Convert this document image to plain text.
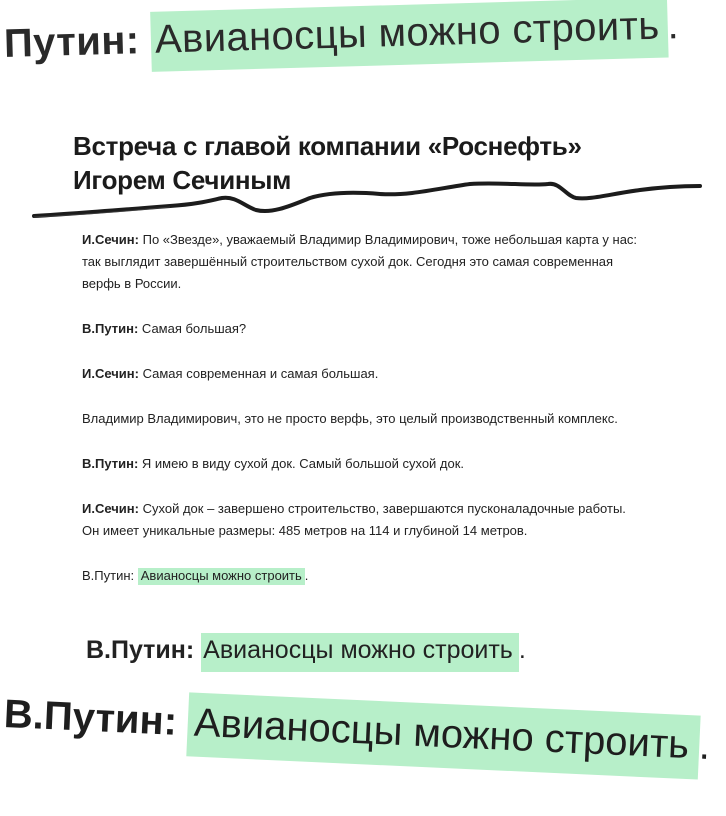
Путин: Авианосцы можно строить .
Встреча с главой компании «Роснефть» Игорем Сечиным

И.Сечин: По «Звезде», уважаемый Владимир Владимирович, тоже небольшая карта у нас: так выглядит завершённый строительством сухой док. Сегодня это самая современная верфь в России.

В.Путин: Самая большая?

И.Сечин: Самая современная и самая большая.

Владимир Владимирович, это не просто верфь, это целый производственный комплекс.

В.Путин: Я имею в виду сухой док. Самый большой сухой док.

И.Сечин: Сухой док – завершено строительство, завершаются пусконаладочные работы. Он имеет уникальные размеры: 485 метров на 114 и глубиной 14 метров.

В.Путин: Авианосцы можно строить .

В.Путин: Авианосцы можно строить .
В.Путин: Авианосцы можно строить .
